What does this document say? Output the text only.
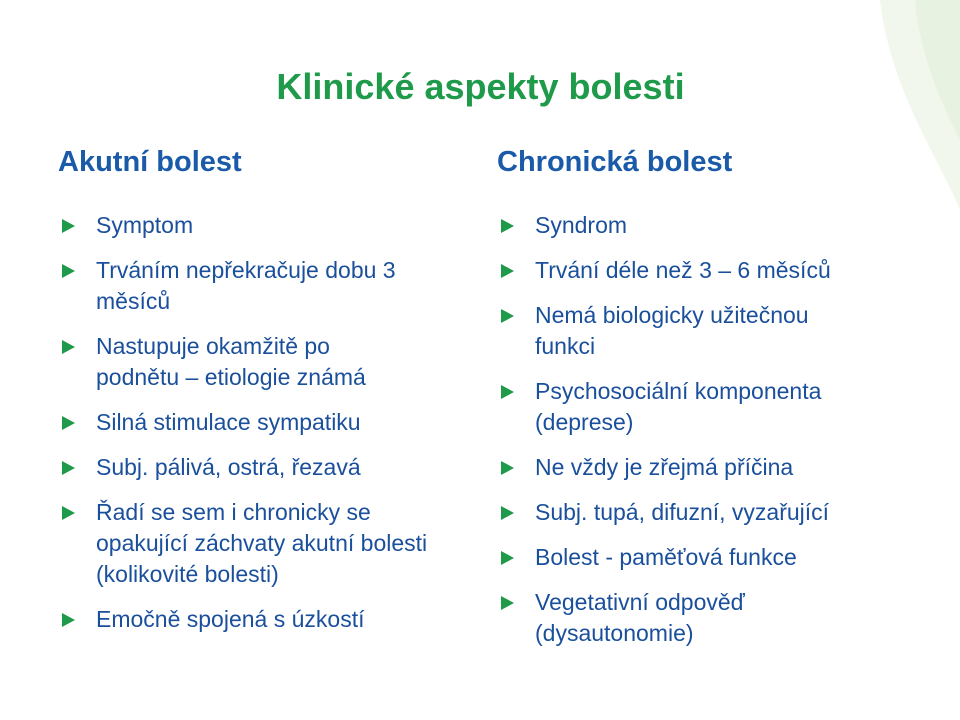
Klinické aspekty bolesti
Akutní bolest
Symptom
Trváním nepřekračuje dobu 3 měsíců
Nastupuje okamžitě po podnětu – etiologie známá
Silná stimulace sympatiku
Subj. pálivá, ostrá, řezavá
Řadí se sem i chronicky se opakující záchvaty akutní bolesti (kolikovité bolesti)
Emočně spojená s úzkostí
Chronická bolest
Syndrom
Trvání déle než 3 – 6 měsíců
Nemá biologicky užitečnou funkci
Psychosociální komponenta (deprese)
Ne vždy je zřejmá příčina
Subj. tupá, difuzní, vyzařující
Bolest - paměťová funkce
Vegetativní odpověď (dysautonomie)
